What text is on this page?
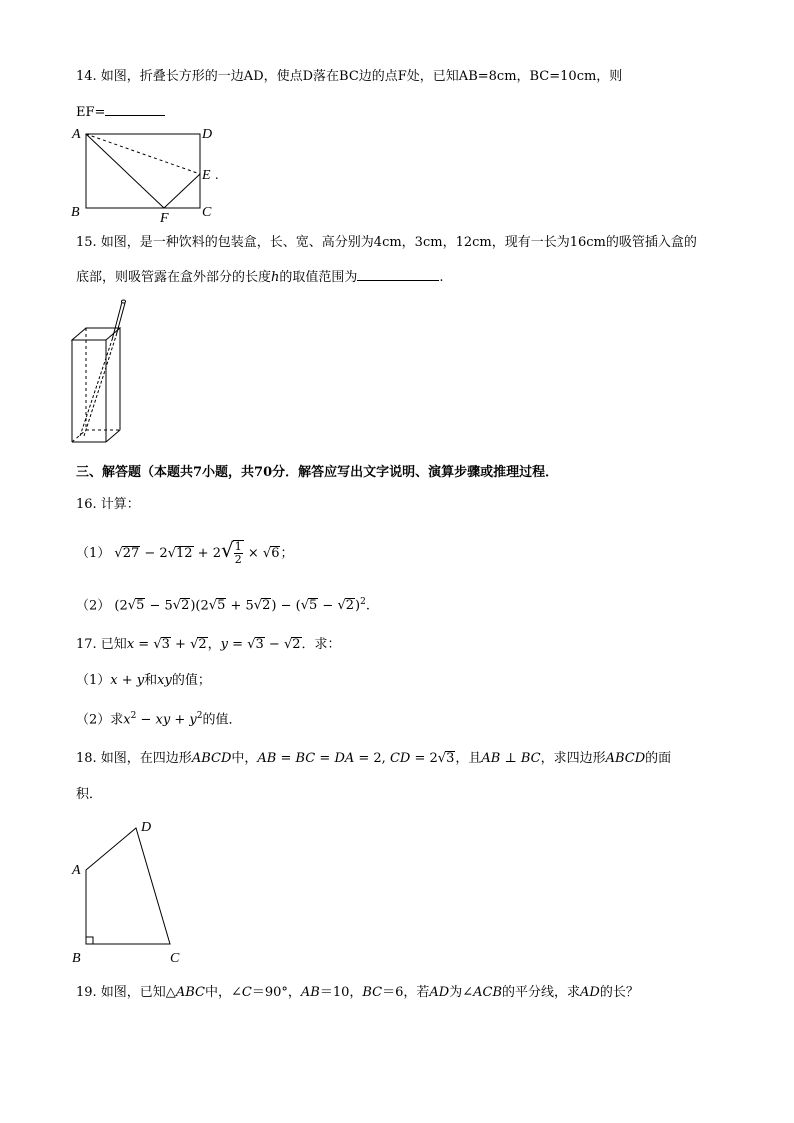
14. 如图，折叠长方形的一边AD，使点D落在BC边的点F处，已知AB=8cm，BC=10cm，则
EF=
A	D
E .
B	F C
15. 如图，是一种饮料的包装盒，长、宽、高分别为4cm，3cm，12cm，现有一长为16cm的吸管插入盒的
底部，则吸管露在盒外部分的长度h的取值范围为	.
三、解答题（本题共7小题，共70分．解答应写出文字说明、演算步骤或推理过程．
16. 计算：
（1） $√27 - 2√12 + 2√ \frac{1}{2} \times √6$；
（2） $(2√5 - 5√2)(2√5 + 5√2) - (√5 - √2)^2$.
17. 已知x = √3 + √2，y = √3 − √2．求：
（1）x + y和xy的值；
（2）求$x^2$ − xy + $y^2$的值．
18. 如图，在四边形ABCD中，AB = BC = DA = 2, CD = 2√3，且AB ⊥ BC，求四边形ABCD的面
积．
D
A
B	C
19. 如图，已知△ABC中，∠C＝90°，AB＝10，BC＝6，若AD为∠ACB的平分线，求AD的长？
